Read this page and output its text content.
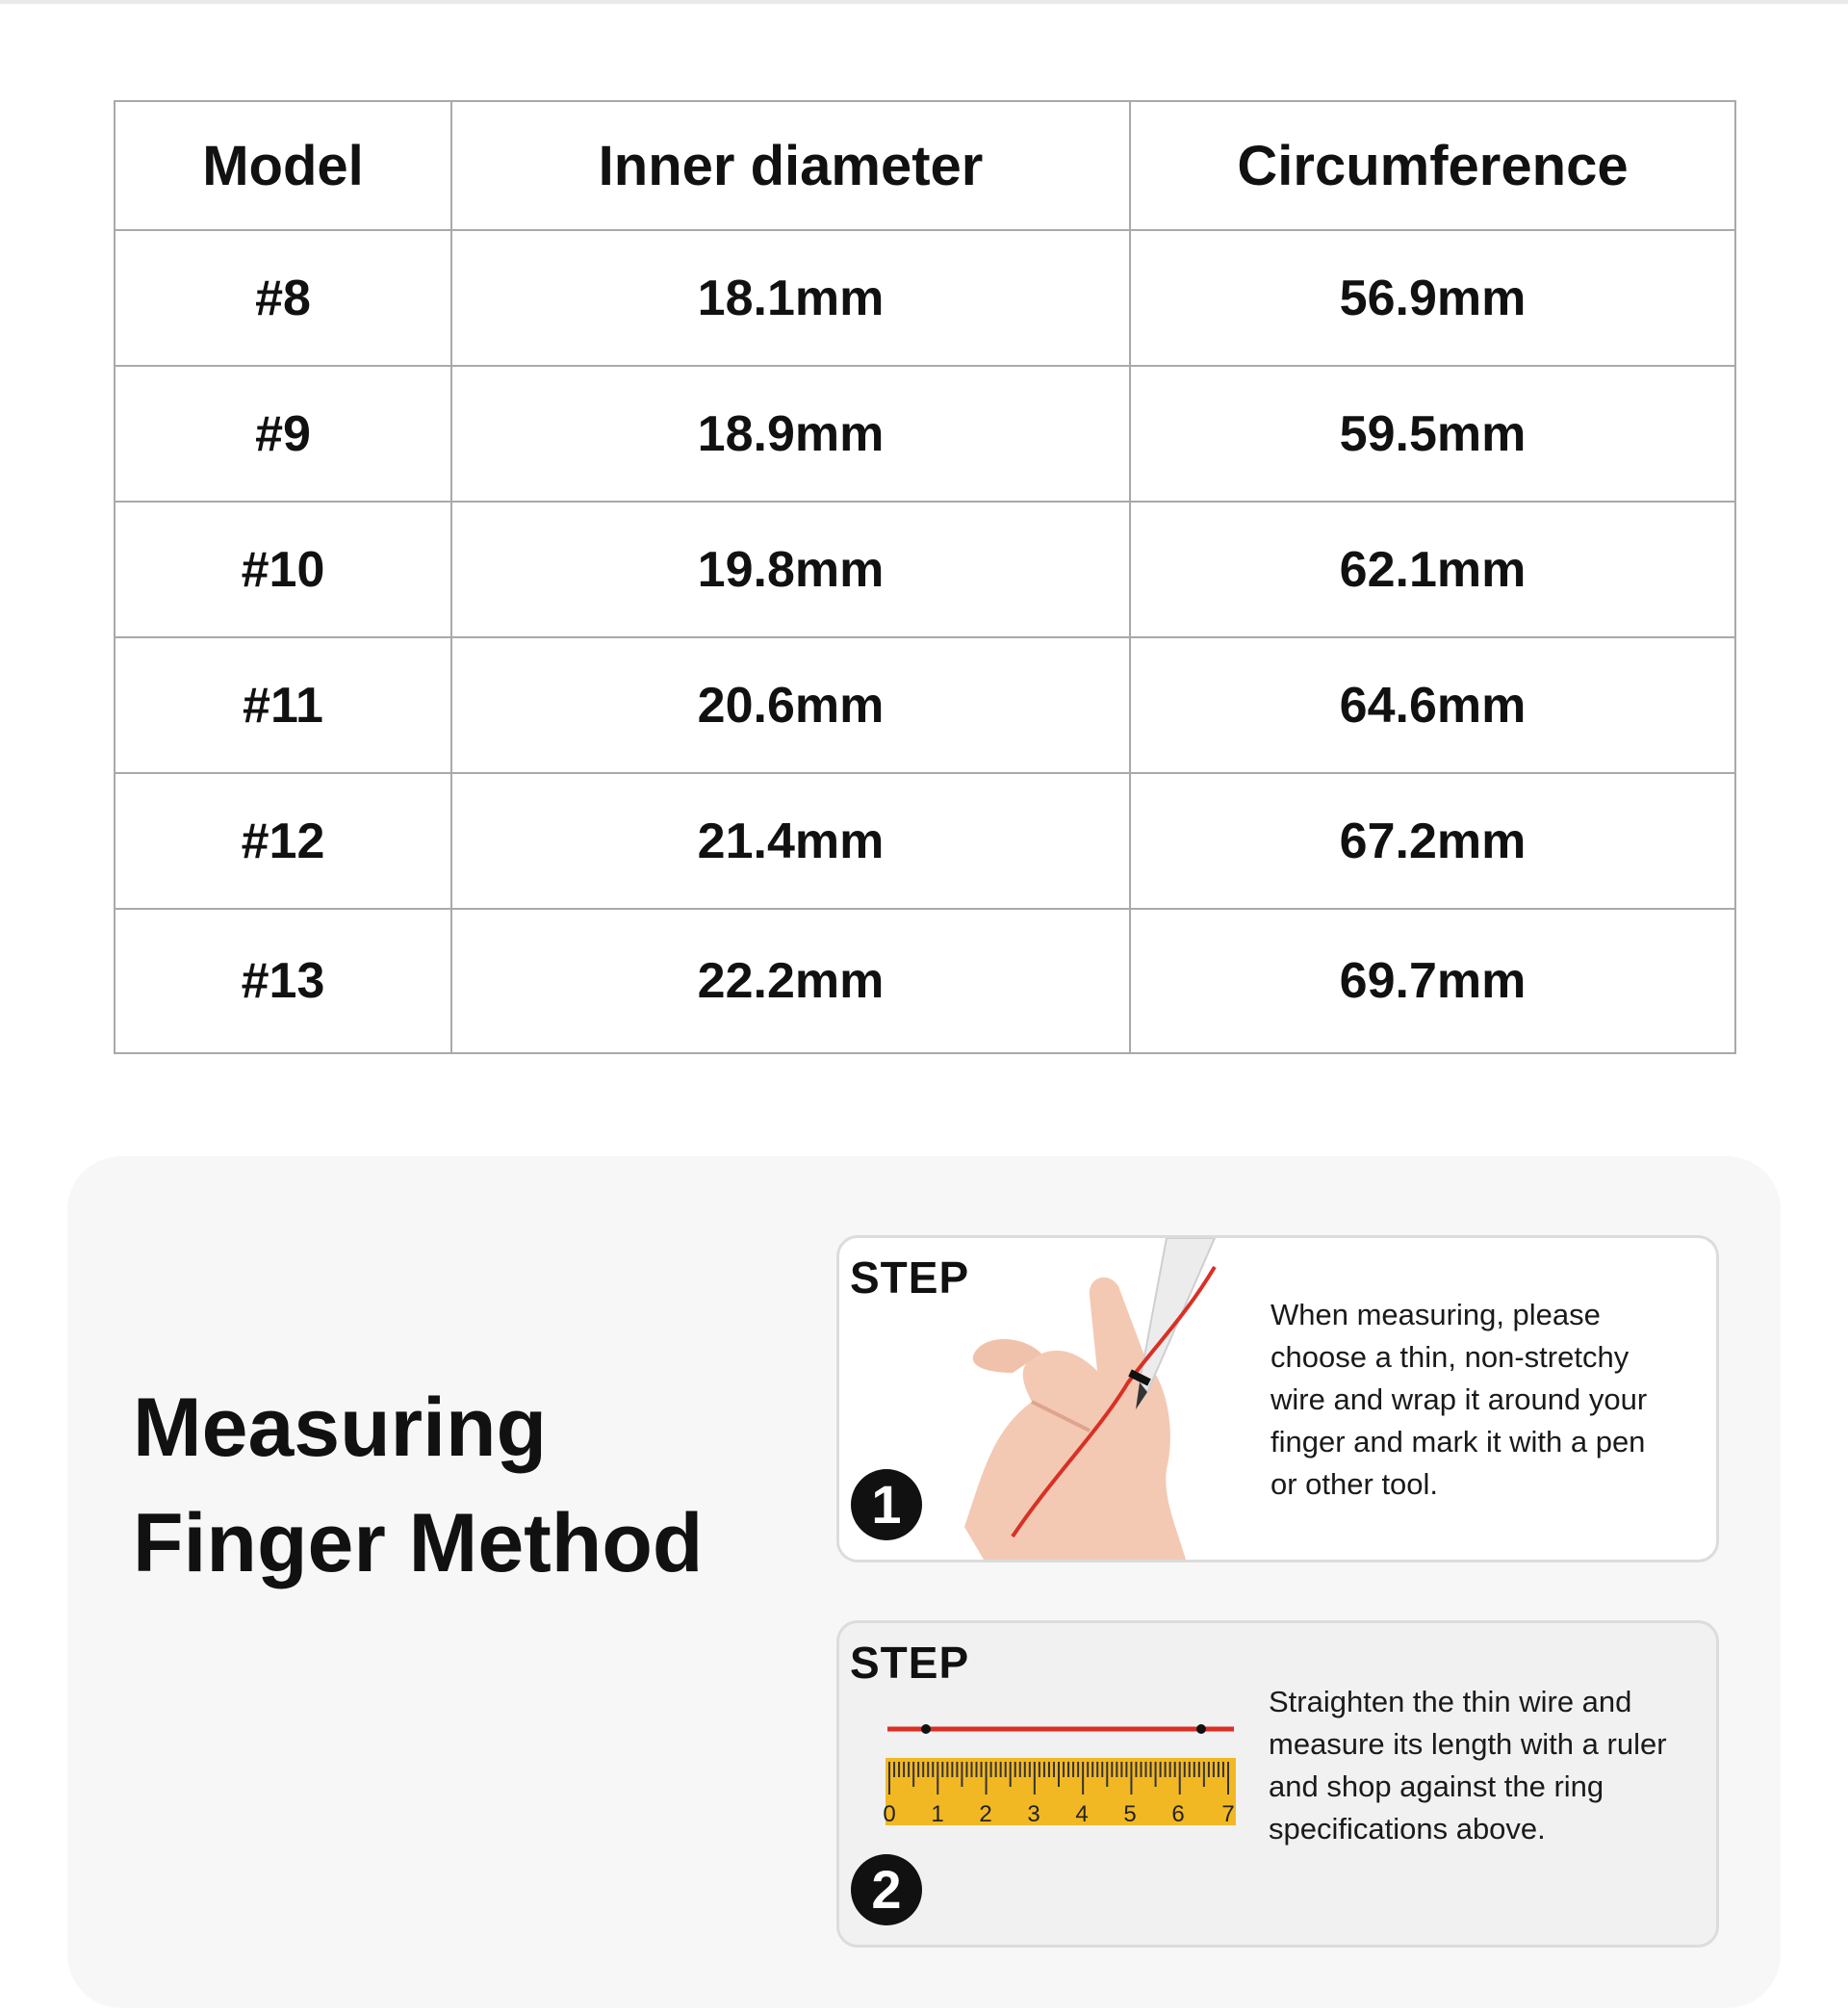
Model	Inner diameter	Circumference
#8	18.1mm	56.9mm
#9	18.9mm	59.5mm
#10	19.8mm	62.1mm
#11	20.6mm	64.6mm
#12	21.4mm	67.2mm
#13	22.2mm	69.7mm
Measuring Finger Method
STEP
1

When measuring, please choose a thin, non-stretchy wire and wrap it around your finger and mark it with a pen or other tool.

0 1 2 3 4 5 6 7
STEP
2

Straighten the thin wire and measure its length with a ruler and shop against the ring specifications above.
